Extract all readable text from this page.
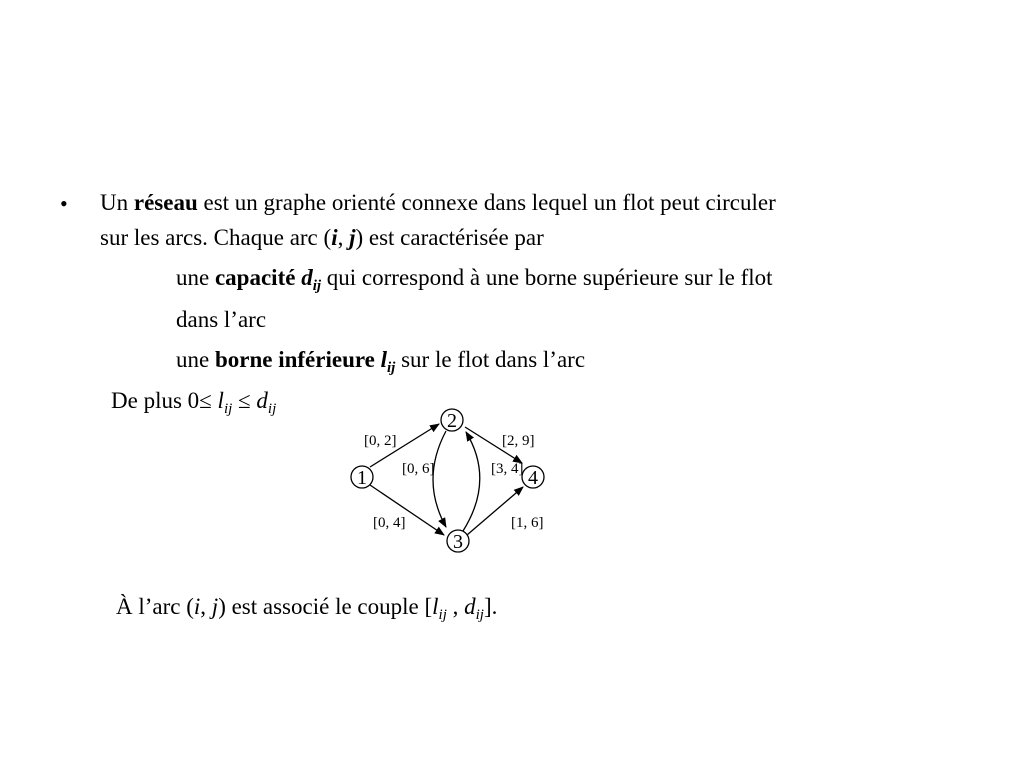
• Un réseau est un graphe orienté connexe dans lequel un flot peut circuler
sur les arcs. Chaque arc (i, j) est caractérisée par
une capacité $d_{ij}$ qui correspond à une borne supérieure sur le flot
dans l’arc
une borne inférieure $l_{ij}$ sur le flot dans l’arc
De plus $0\le l_{ij} \le d_{ij}$
1
2
3
4
[0, 2]	[2, 9]
[0, 6]	[3, 4]
[0, 4]	[1, 6]
À l’arc (i, j) est associé le couple [$l_{ij}$ , $d_{ij}$].
